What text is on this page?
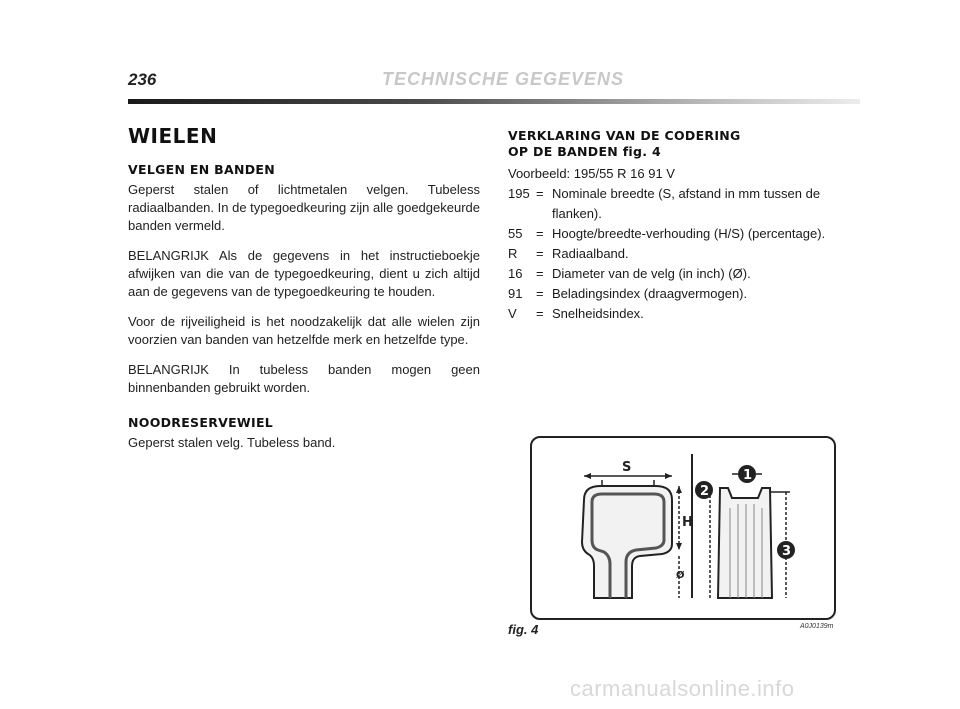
236	TECHNISCHE GEGEVENS
WIELEN
VELGEN EN BANDEN

Geperst stalen of lichtmetalen velgen. Tubeless radiaalbanden. In de typegoedkeuring zijn alle goedgekeurde banden vermeld.

BELANGRIJK Als de gegevens in het instructieboekje afwijken van die van de typegoedkeuring, dient u zich altijd aan de gegevens van de typegoedkeuring te houden.

Voor de rijveiligheid is het noodzakelijk dat alle wielen zijn voorzien van banden van hetzelfde merk en hetzelfde type.

BELANGRIJK In tubeless banden mogen geen binnenbanden gebruikt worden.

NOODRESERVEWIEL

Geperst stalen velg. Tubeless band.

VERKLARING VAN DE CODERING
OP DE BANDEN fig. 4
Voorbeeld: 195/55 R 16 91 V
195 = Nominale breedte (S, afstand in mm tussen de flanken).
55	= Hoogte/breedte-verhouding (H/S) (percentage).
R	= Radiaalband.
16	= Diameter van de velg (in inch) (Ø).
91	= Beladingsindex (draagvermogen).
V	= Snelheidsindex.
S
H
Ø
1
2
3
fig. 4	A0J0139m
carmanualsonline.info
